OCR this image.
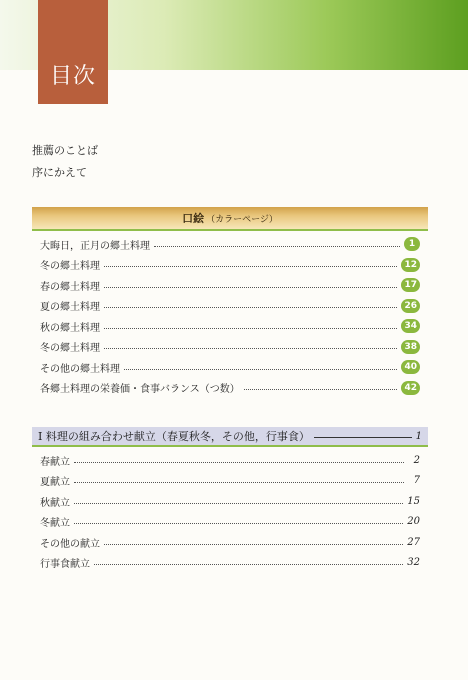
目次
推薦のことば
序にかえて
口絵 （カラーページ）
大晦日，正月の郷土料理	1
冬の郷土料理	12
春の郷土料理	17
夏の郷土料理	26
秋の郷土料理	34
冬の郷土料理	38
その他の郷土料理	40
各郷土料理の栄養価・食事バランス（つ数）	42
Ⅰ 料理の組み合わせ献立（春夏秋冬，その他，行事食）	1
春献立	2
夏献立	7
秋献立	15
冬献立	20
その他の献立	27
行事食献立	32
